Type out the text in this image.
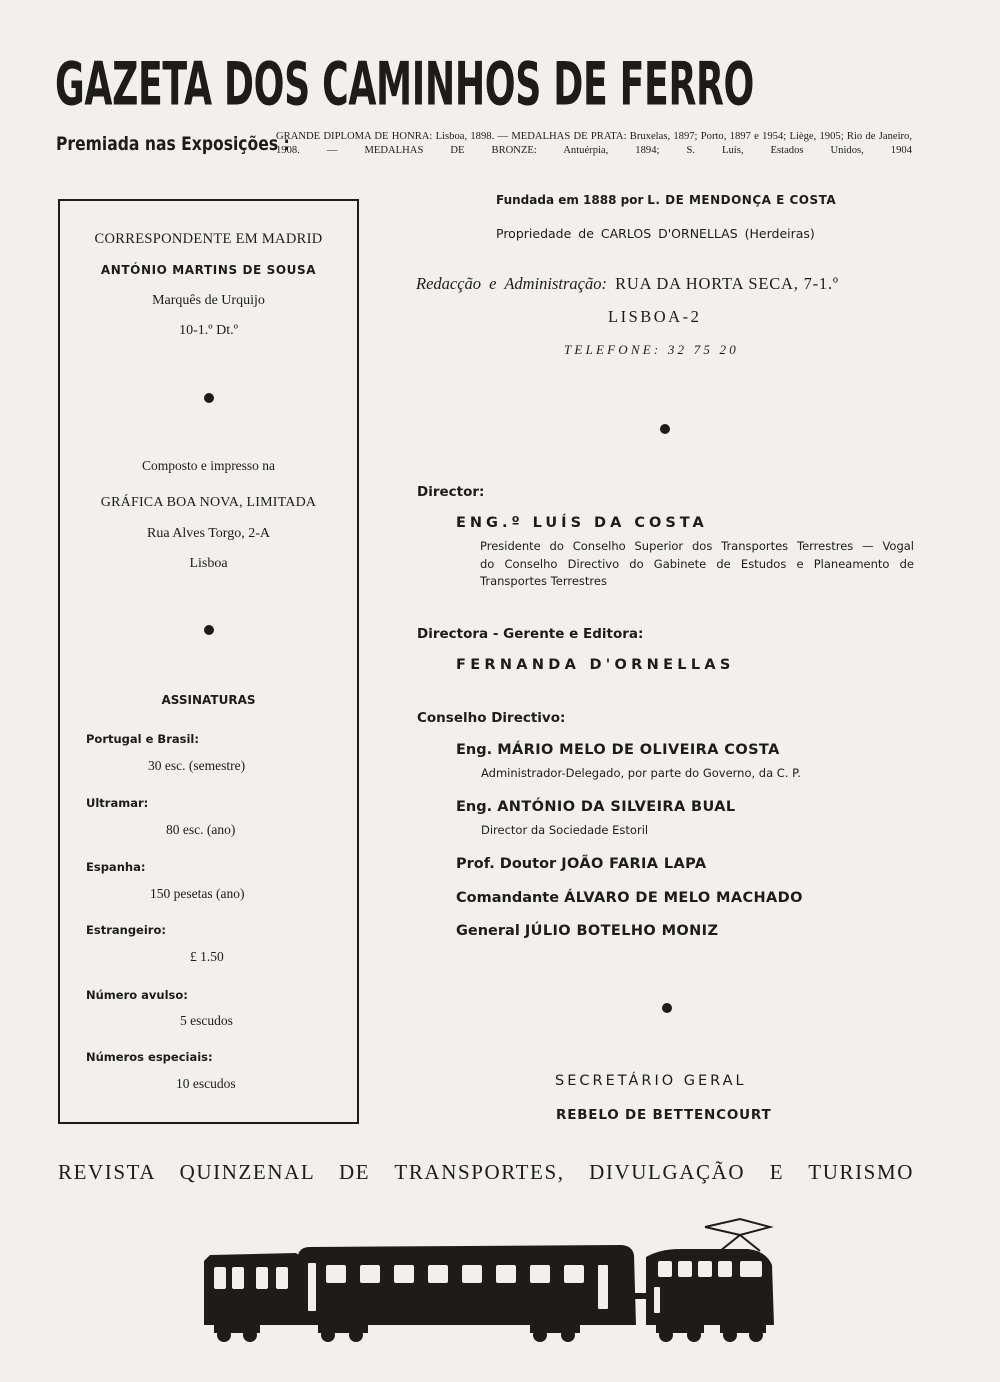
GAZETA DOS CAMINHOS DE FERRO
Premiada nas Exposições :
GRANDE DIPLOMA DE HONRA: Lisboa, 1898. — MEDALHAS DE PRATA: Bruxelas, 1897; Porto, 1897 e 1954; Liège, 1905; Rio de Janeiro, 1908. — MEDALHAS DE BRONZE: Antuérpia, 1894; S. Luís, Estados Unidos, 1904
CORRESPONDENTE EM MADRID
ANTÓNIO MARTINS DE SOUSA
Marquês de Urquijo
10-1.º Dt.º
Composto e impresso na
GRÁFICA BOA NOVA, LIMITADA
Rua Alves Torgo, 2-A
Lisboa
ASSINATURAS
Portugal e Brasil:
30 esc. (semestre)
Ultramar:
80 esc. (ano)
Espanha:
150 pesetas (ano)
Estrangeiro:
£ 1.50
Número avulso:
5 escudos
Números especiais:
10 escudos
Fundada em 1888 por L. DE MENDONÇA E COSTA
Propriedade de CARLOS D'ORNELLAS (Herdeiras)
Redacção e Administração: RUA DA HORTA SECA, 7-1.º
LISBOA-2
TELEFONE: 32 75 20
Director:
ENG.º LUÍS DA COSTA
Presidente do Conselho Superior dos Transportes Terrestres — Vogal
do Conselho Directivo do Gabinete de Estudos e Planeamento de
Transportes Terrestres
Directora - Gerente e Editora:
FERNANDA D'ORNELLAS
Conselho Directivo:
Eng. MÁRIO MELO DE OLIVEIRA COSTA
Administrador-Delegado, por parte do Governo, da C. P.
Eng. ANTÓNIO DA SILVEIRA BUAL
Director da Sociedade Estoril
Prof. Doutor JOÃO FARIA LAPA
Comandante ÁLVARO DE MELO MACHADO
General JÚLIO BOTELHO MONIZ
SECRETÁRIO GERAL
REBELO DE BETTENCOURT
REVISTA QUINZENAL DE TRANSPORTES, DIVULGAÇÃO E TURISMO
